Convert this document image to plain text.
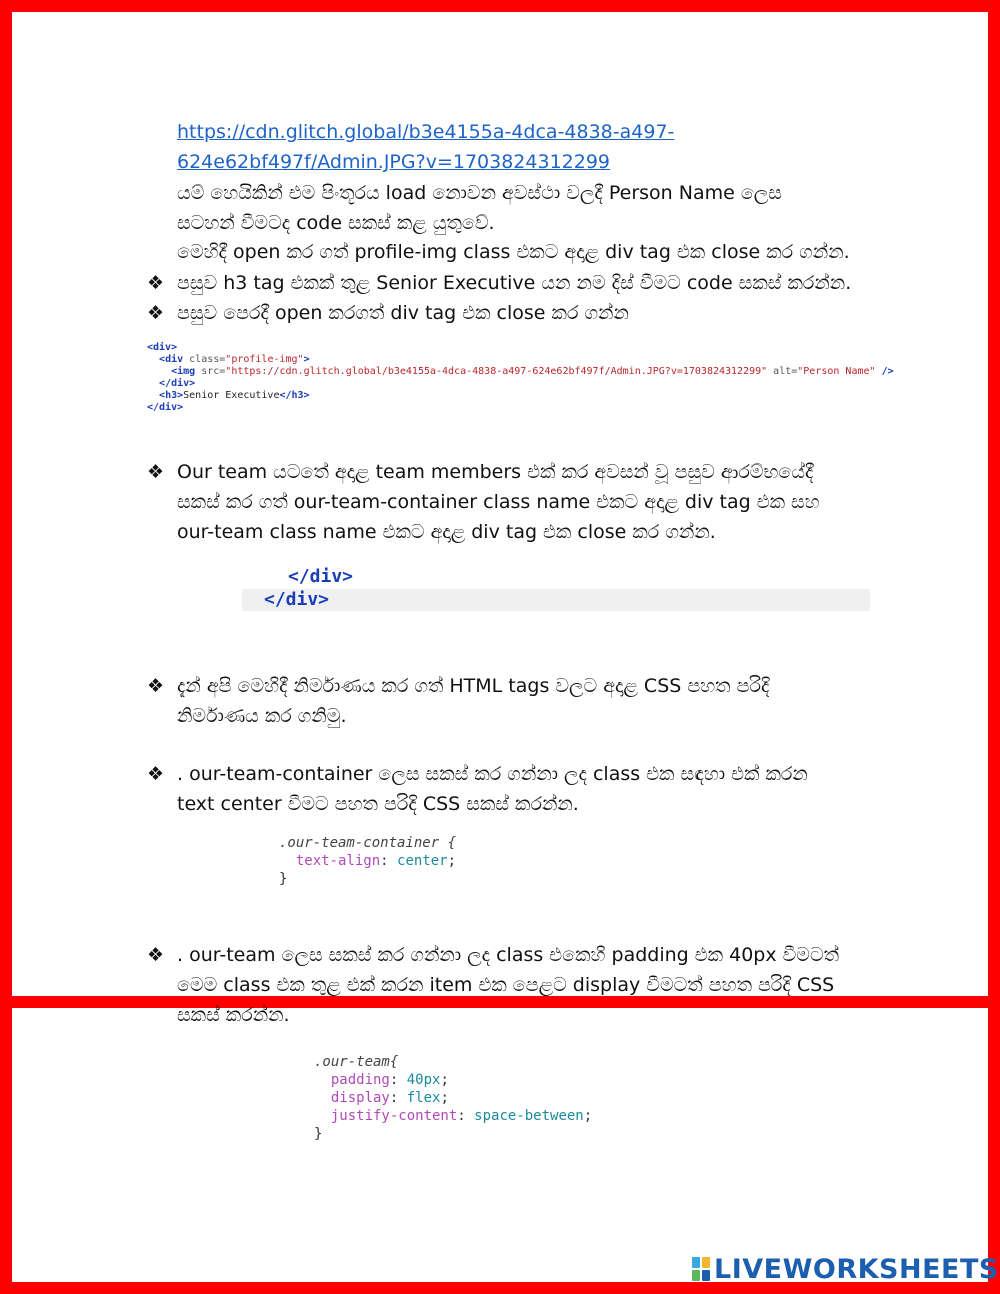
https://cdn.glitch.global/b3e4155a-4dca-4838-a497-
624e62bf497f/Admin.JPG?v=1703824312299
යම් හෙයිකින් එම පිංතූරය load නොවන අවස්ථා වලදී Person Name ලෙස
සටහන් වීමටද code සකස් කළ යුතුවේ.
මෙහිදී open කර ගත් profile-img class එකට අදාළ div tag එක close කර ගන්න.
❖ පසුව h3 tag එකක් තුළ Senior Executive යන නම දිස් වීමට code සකස් කරන්න.
❖ පසුව පෙරදී open කරගත් div tag එක close කර ගන්න
<div>
<div class="profile-img">
<img src="https://cdn.glitch.global/b3e4155a-4dca-4838-a497-624e62bf497f/Admin.JPG?v=1703824312299" alt="Person Name" />
</div>
<h3>Senior Executive</h3>
</div>
❖ Our team යටතේ අදාළ team members එක් කර අවසන් වූ පසුව ආරම්භයේදී
සකස් කර ගත් our-team-container class name එකට අදාළ div tag එක සහ
our-team class name එකට අදාළ div tag එක close කර ගන්න.
</div>
</div>
❖ දැන් අපි මෙහිදී නිර්මාණය කර ගත් HTML tags වලට අදාළ CSS පහත පරිදි
නිර්මාණය කර ගනිමු.
❖ . our-team-container ලෙස සකස් කර ගන්නා ලද class එක සඳහා එක් කරන
text center වීමට පහත පරිදි CSS සකස් කරන්න.
.our-team-container {
text-align: center;
}
❖ . our-team ලෙස සකස් කර ගන්නා ලද class එකෙහි padding එක 40px වීමටත්
මෙම class එක තුළ එක් කරන item එක පෙළට display වීමටත් පහත පරිදි CSS
සකස් කරන්න.
.our-team{
padding: 40px;
display: flex;
justify-content: space-between;
}
LIVEWORKSHEETS
